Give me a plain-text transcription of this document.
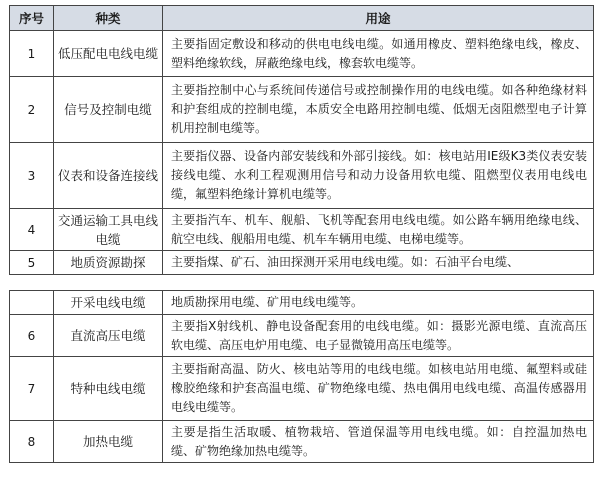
序号	种类	用途
1	低压配电电线电缆	主要指固定敷设和移动的供电电线电缆。如通用橡皮、塑料绝缘电线，橡皮、塑料绝缘软线，屏蔽绝缘电线，橡套软电缆等。
2	信号及控制电缆	主要指控制中心与系统间传递信号或控制操作用的电线电缆。如各种绝缘材料和护套组成的控制电缆，本质安全电路用控制电缆、低烟无卤阻燃型电子计算机用控制电缆等。
3	仪表和设备连接线	主要指仪器、设备内部安装线和外部引接线。如：核电站用IE级K3类仪表安装接线电缆、水利工程观测用信号和动力设备用软电缆、阻燃型仪表用电线电缆，氟塑料绝缘计算机电缆等。
4	交通运输工具电线电缆	主要指汽车、机车、舰船、飞机等配套用电线电缆。如公路车辆用绝缘电线、航空电线、舰船用电缆、机车车辆用电缆、电梯电缆等。
5	地质资源勘探	主要指煤、矿石、油田探测开采用电线电缆。如：石油平台电缆、
	开采电线电缆	地质勘探用电缆、矿用电线电缆等。
6	直流高压电缆	主要指X射线机、静电设备配套用的电线电缆。如：摄影光源电缆、直流高压软电缆、高压电炉用电缆、电子显微镜用高压电缆等。
7	特种电线电缆	主要指耐高温、防火、核电站等用的电线电缆。如核电站用电缆、氟塑料或硅橡胶绝缘和护套高温电缆、矿物绝缘电缆、热电偶用电线电缆、高温传感器用电线电缆等。
8	加热电缆	主要是指生活取暖、植物栽培、管道保温等用电线电缆。如：自控温加热电缆、矿物绝缘加热电缆等。
